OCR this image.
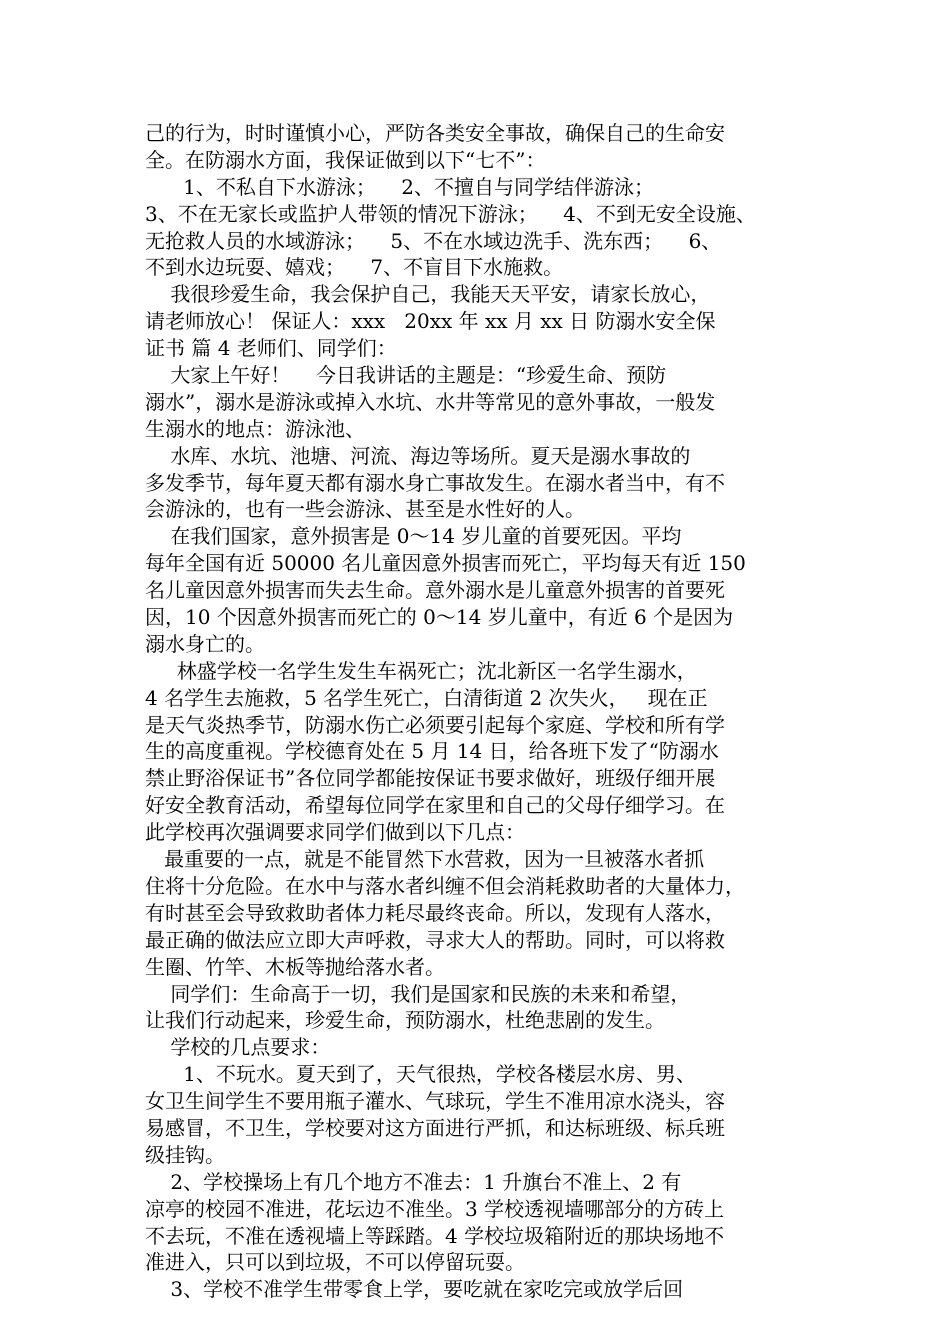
己的行为，时时谨慎小心，严防各类安全事故，确保自己的生命安
全。在防溺水方面，我保证做到以下“七不”：
1、不私自下水游泳；    2、不擅自与同学结伴游泳；
3、不在无家长或监护人带领的情况下游泳；    4、不到无安全设施、
无抢救人员的水域游泳；    5、不在水域边洗手、洗东西；    6、
不到水边玩耍、嬉戏；    7、不盲目下水施救。
我很珍爱生命，我会保护自己，我能天天平安，请家长放心，
请老师放心！ 保证人：xxx   20xx 年 xx 月 xx 日 防溺水安全保
证书 篇 4 老师们、同学们：
大家上午好！    今日我讲话的主题是：“珍爱生命、预防
溺水”，溺水是游泳或掉入水坑、水井等常见的意外事故，一般发
生溺水的地点：游泳池、
水库、水坑、池塘、河流、海边等场所。夏天是溺水事故的
多发季节，每年夏天都有溺水身亡事故发生。在溺水者当中，有不
会游泳的，也有一些会游泳、甚至是水性好的人。
在我们国家，意外损害是 0～14 岁儿童的首要死因。平均
每年全国有近 50000 名儿童因意外损害而死亡，平均每天有近 150
名儿童因意外损害而失去生命。意外溺水是儿童意外损害的首要死
因，10 个因意外损害而死亡的 0～14 岁儿童中，有近 6 个是因为
溺水身亡的。
林盛学校一名学生发生车祸死亡；沈北新区一名学生溺水，
4 名学生去施救，5 名学生死亡，白清街道 2 次失火，   现在正
是天气炎热季节，防溺水伤亡必须要引起每个家庭、学校和所有学
生的高度重视。学校德育处在 5 月 14 日，给各班下发了“防溺水
禁止野浴保证书”各位同学都能按保证书要求做好，班级仔细开展
好安全教育活动，希望每位同学在家里和自己的父母仔细学习。在
此学校再次强调要求同学们做到以下几点：
最重要的一点，就是不能冒然下水营救，因为一旦被落水者抓
住将十分危险。在水中与落水者纠缠不但会消耗救助者的大量体力，
有时甚至会导致救助者体力耗尽最终丧命。所以，发现有人落水，
最正确的做法应立即大声呼救，寻求大人的帮助。同时，可以将救
生圈、竹竿、木板等抛给落水者。
同学们：生命高于一切，我们是国家和民族的未来和希望，
让我们行动起来，珍爱生命，预防溺水，杜绝悲剧的发生。
学校的几点要求：
1、不玩水。夏天到了，天气很热，学校各楼层水房、男、
女卫生间学生不要用瓶子灌水、气球玩，学生不准用凉水浇头，容
易感冒，不卫生，学校要对这方面进行严抓，和达标班级、标兵班
级挂钩。
2、学校操场上有几个地方不准去：1 升旗台不准上、2 有
凉亭的校园不准进，花坛边不准坐。3 学校透视墙哪部分的方砖上
不去玩，不准在透视墙上等踩踏。4 学校垃圾箱附近的那块场地不
准进入，只可以到垃圾，不可以停留玩耍。
3、学校不准学生带零食上学，要吃就在家吃完或放学后回
